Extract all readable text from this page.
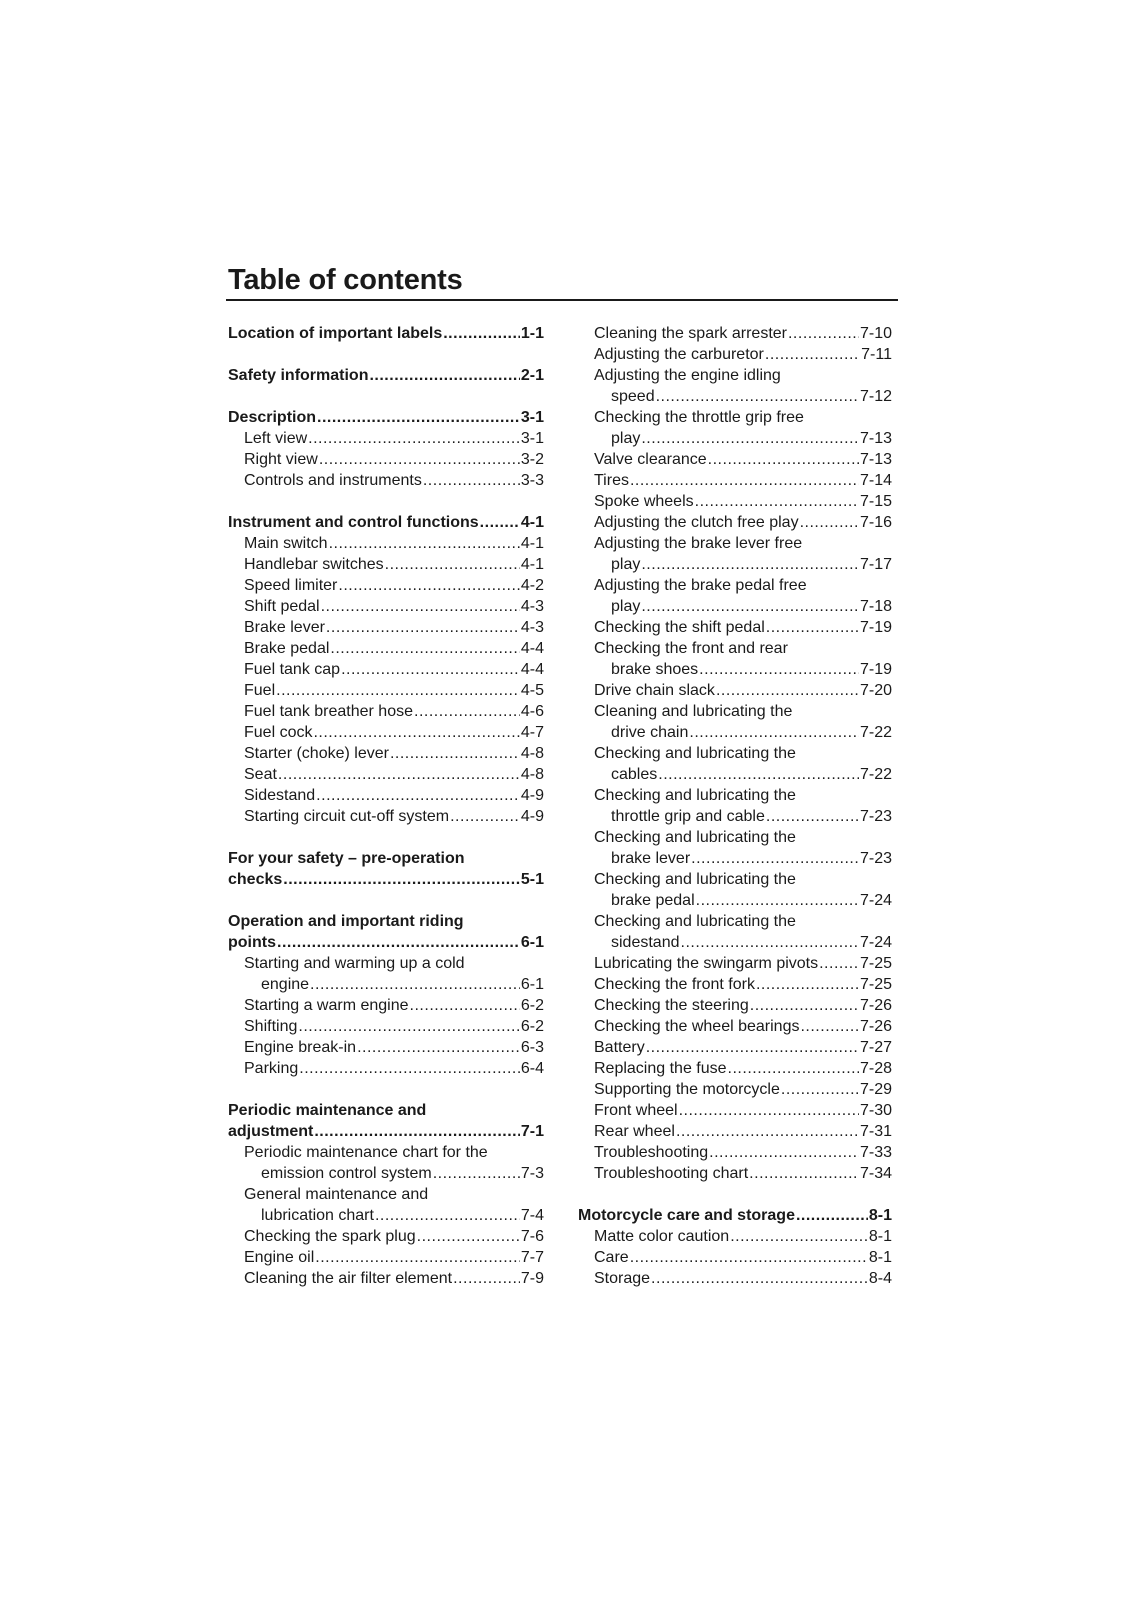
Table of contents
Location of important labels .....	1-1
Safety information .....	2-1
Description .....	3-1
Left view .....	3-1
Right view .....	3-2
Controls and instruments .....	3-3
Instrument and control functions .....	4-1
Main switch .....	4-1
Handlebar switches .....	4-1
Speed limiter .....	4-2
Shift pedal .....	4-3
Brake lever .....	4-3
Brake pedal .....	4-4
Fuel tank cap .....	4-4
Fuel .....	4-5
Fuel tank breather hose .....	4-6
Fuel cock .....	4-7
Starter (choke) lever .....	4-8
Seat .....	4-8
Sidestand .....	4-9
Starting circuit cut-off system .....	4-9
For your safety – pre-operation
checks .....	5-1
Operation and important riding
points .....	6-1
Starting and warming up a cold
engine .....	6-1
Starting a warm engine .....	6-2
Shifting .....	6-2
Engine break-in .....	6-3
Parking .....	6-4
Periodic maintenance and
adjustment .....	7-1
Periodic maintenance chart for the
emission control system .....	7-3
General maintenance and
lubrication chart .....	7-4
Checking the spark plug .....	7-6
Engine oil .....	7-7
Cleaning the air filter element .....	7-9
Cleaning the spark arrester .....	7-10
Adjusting the carburetor .....	7-11
Adjusting the engine idling
speed .....	7-12
Checking the throttle grip free
play .....	7-13
Valve clearance .....	7-13
Tires .....	7-14
Spoke wheels .....	7-15
Adjusting the clutch free play .....	7-16
Adjusting the brake lever free
play .....	7-17
Adjusting the brake pedal free
play .....	7-18
Checking the shift pedal .....	7-19
Checking the front and rear
brake shoes .....	7-19
Drive chain slack .....	7-20
Cleaning and lubricating the
drive chain .....	7-22
Checking and lubricating the
cables .....	7-22
Checking and lubricating the
throttle grip and cable .....	7-23
Checking and lubricating the
brake lever .....	7-23
Checking and lubricating the
brake pedal .....	7-24
Checking and lubricating the
sidestand .....	7-24
Lubricating the swingarm pivots .....	7-25
Checking the front fork .....	7-25
Checking the steering .....	7-26
Checking the wheel bearings .....	7-26
Battery .....	7-27
Replacing the fuse .....	7-28
Supporting the motorcycle .....	7-29
Front wheel .....	7-30
Rear wheel .....	7-31
Troubleshooting .....	7-33
Troubleshooting chart .....	7-34
Motorcycle care and storage .....	8-1
Matte color caution .....	8-1
Care .....	8-1
Storage .....	8-4
